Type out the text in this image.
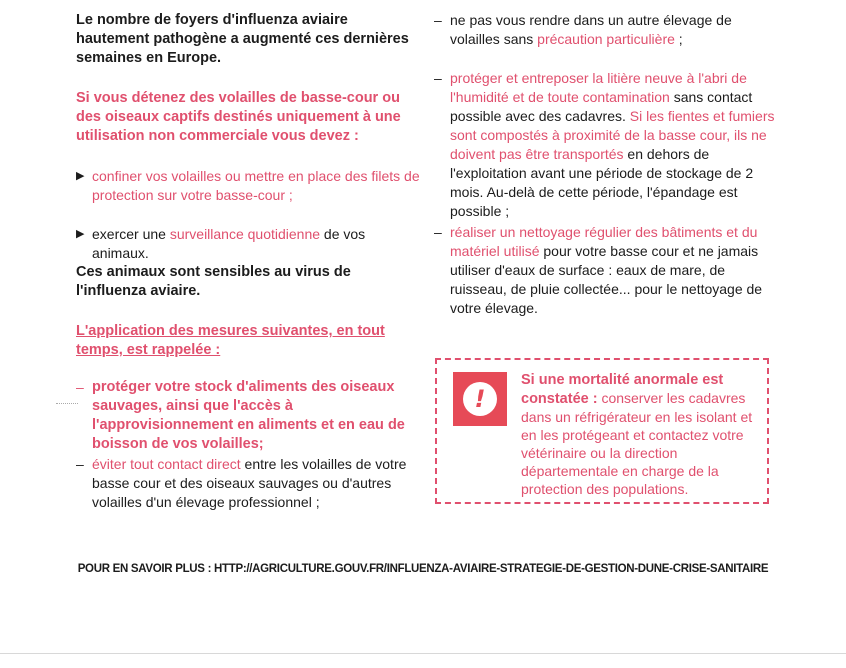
Le nombre de foyers d'influenza aviaire hautement pathogène a augmenté ces dernières semaines en Europe.

Si vous détenez des volailles de basse-cour ou des oiseaux captifs destinés uniquement à une utilisation non commerciale vous devez :

▶ confiner vos volailles ou mettre en place des filets de protection sur votre basse-cour ;
▶ exercer une surveillance quotidienne de vos animaux.

Ces animaux sont sensibles au virus de l'influenza aviaire.

L'application des mesures suivantes, en tout temps, est rappelée :

– protéger votre stock d'aliments des oiseaux sauvages, ainsi que l'accès à l'approvisionnement en aliments et en eau de boisson de vos volailles;
– éviter tout contact direct entre les volailles de votre basse cour et des oiseaux sauvages ou d'autres volailles d'un élevage professionnel ;
– ne pas vous rendre dans un autre élevage de volailles sans précaution particulière ;
– protéger et entreposer la litière neuve à l'abri de l'humidité et de toute contamination sans contact possible avec des cadavres. Si les fientes et fumiers sont compostés à proximité de la basse cour, ils ne doivent pas être transportés en dehors de l'exploitation avant une période de stockage de 2 mois. Au-delà de cette période, l'épandage est possible ;
– réaliser un nettoyage régulier des bâtiments et du matériel utilisé pour votre basse cour et ne jamais utiliser d'eaux de surface : eaux de mare, de ruisseau, de pluie collectée... pour le nettoyage de votre élevage.
!

Si une mortalité anormale est constatée : conserver les cadavres dans un réfrigérateur en les isolant et en les protégeant et contactez votre vétérinaire ou la direction départementale en charge de la protection des populations.

POUR EN SAVOIR PLUS : HTTP://AGRICULTURE.GOUV.FR/INFLUENZA-AVIAIRE-STRATEGIE-DE-GESTION-DUNE-CRISE-SANITAIRE
